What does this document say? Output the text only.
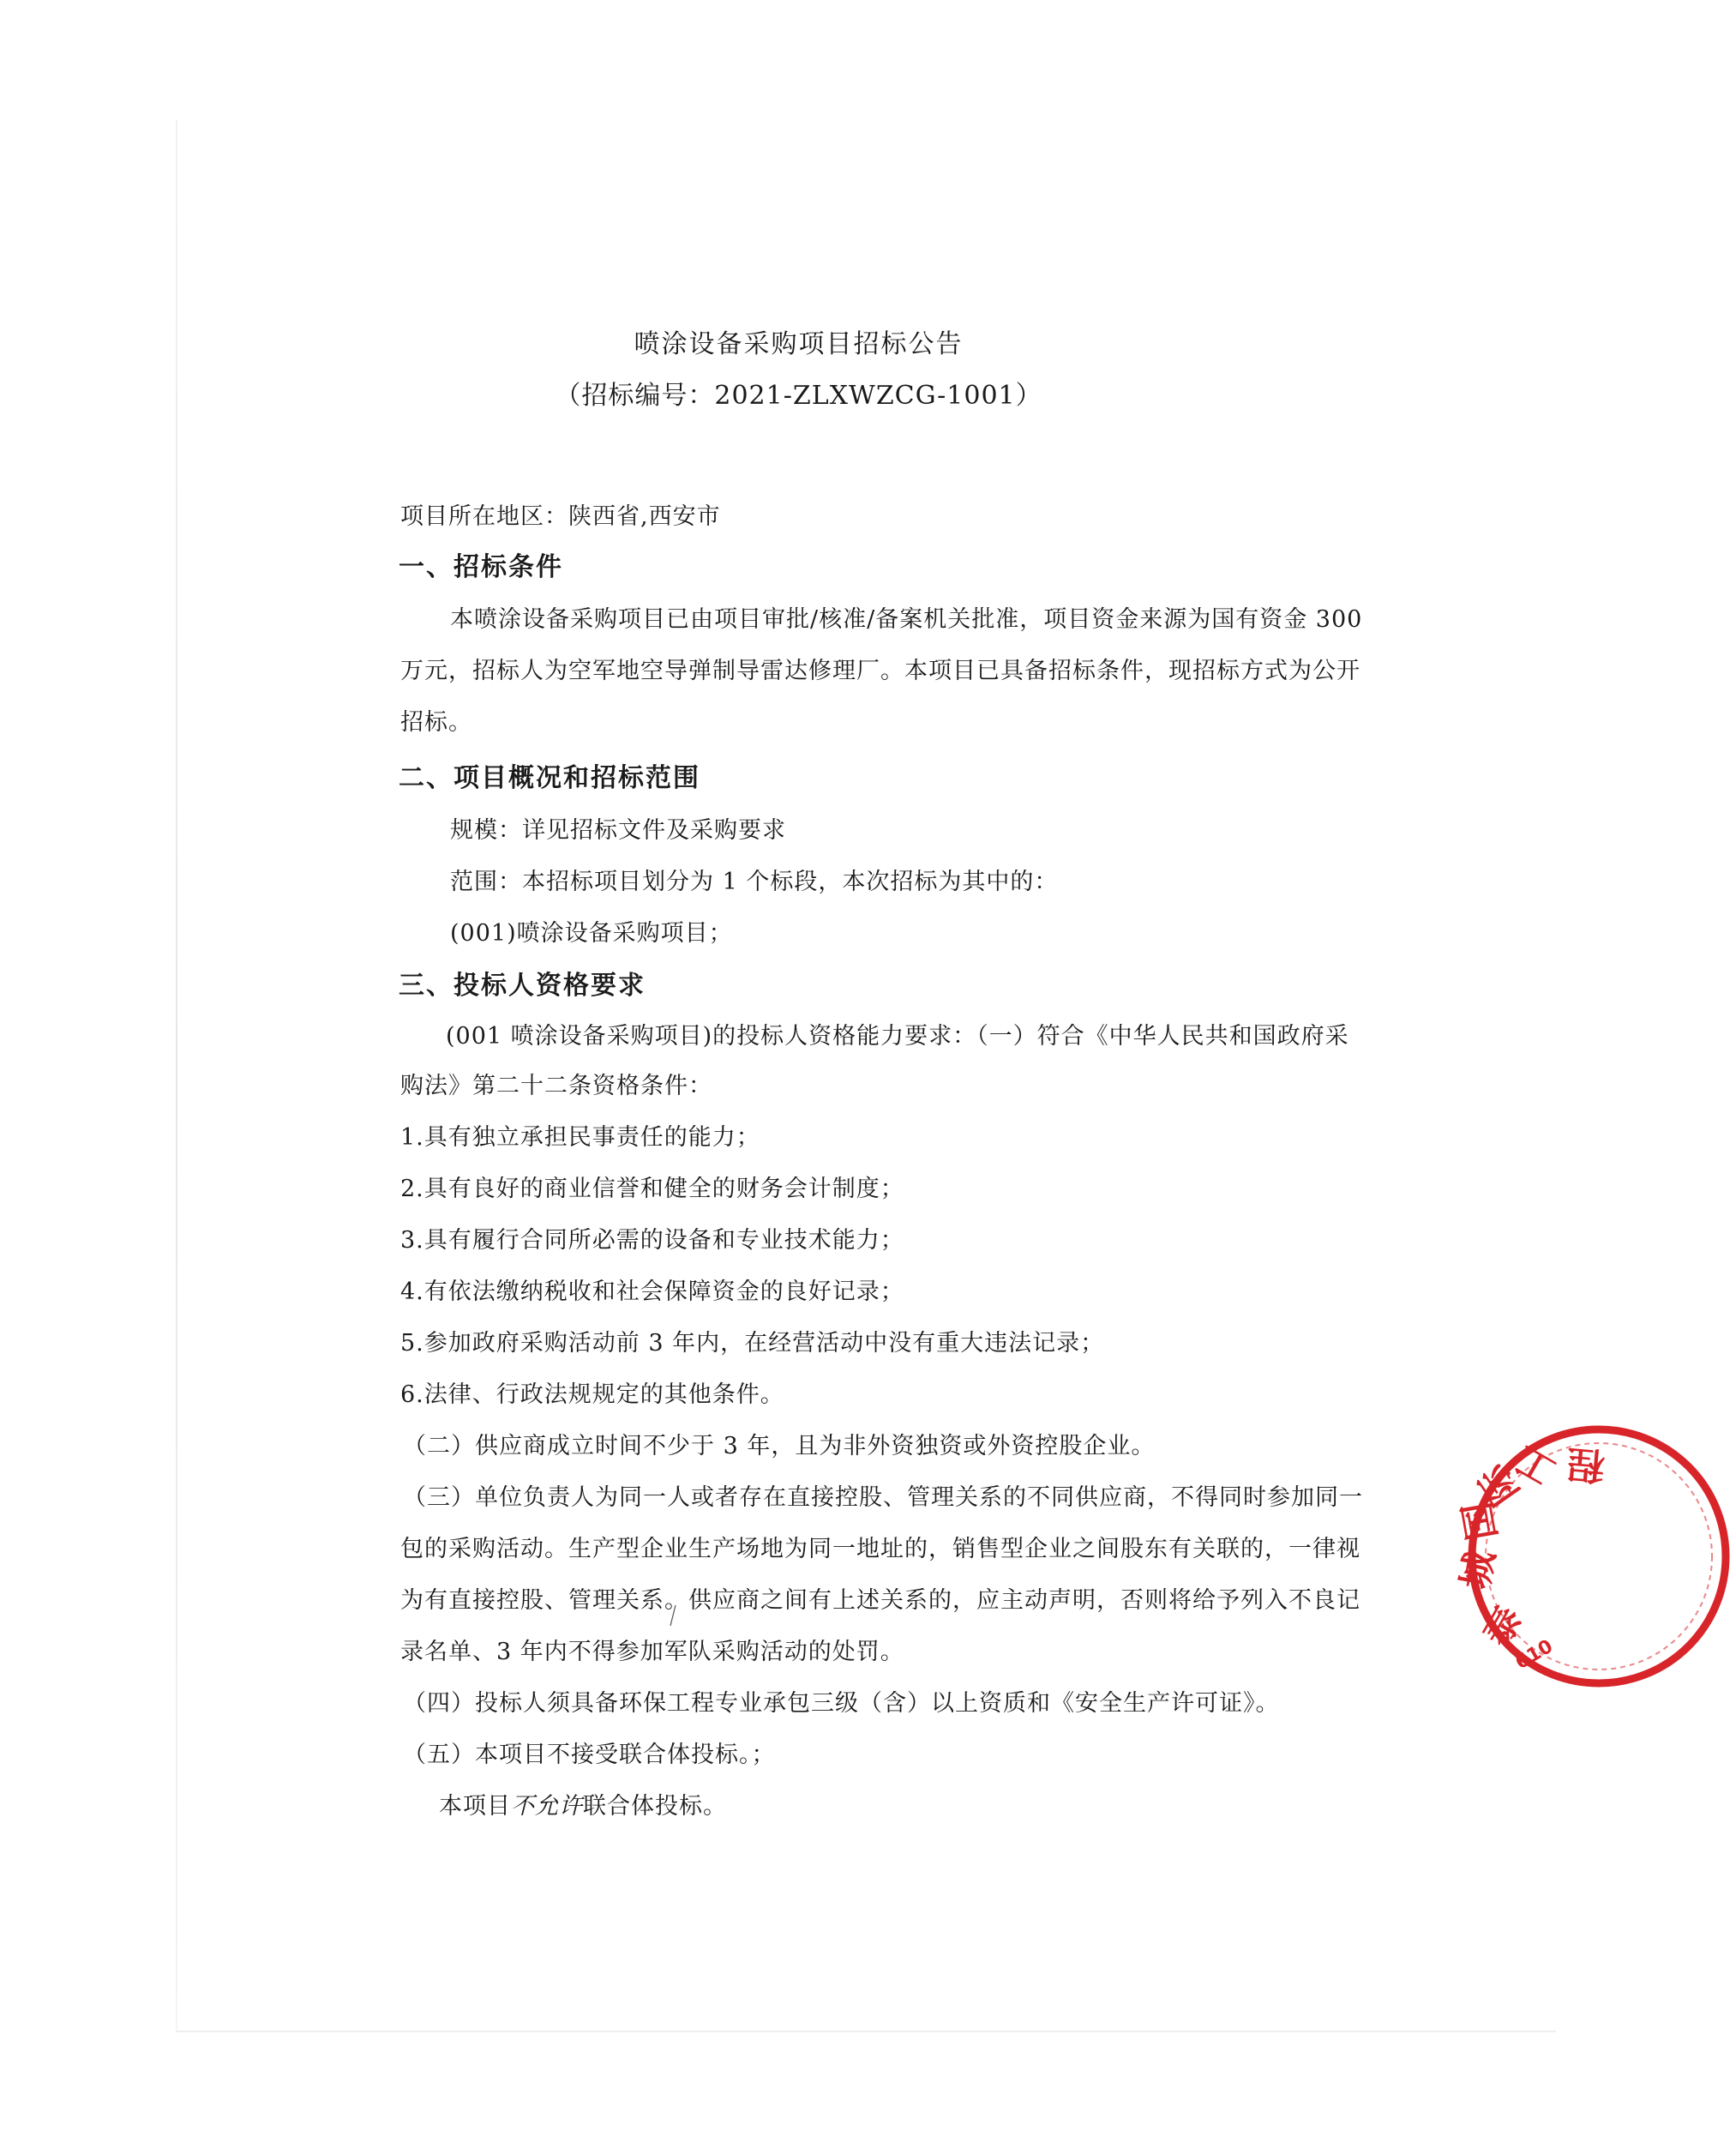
喷涂设备采购项目招标公告
（招标编号：2021-ZLXWZCG-1001）
项目所在地区：陕西省,西安市
一、招标条件
本喷涂设备采购项目已由项目审批/核准/备案机关批准，项目资金来源为国有资金 300
万元，招标人为空军地空导弹制导雷达修理厂。本项目已具备招标条件，现招标方式为公开
招标。
二、项目概况和招标范围
规模：详见招标文件及采购要求
范围：本招标项目划分为 1 个标段，本次招标为其中的：
(001)喷涂设备采购项目；
三、投标人资格要求
(001 喷涂设备采购项目)的投标人资格能力要求：（一）符合《中华人民共和国政府采
购法》第二十二条资格条件：
1.具有独立承担民事责任的能力；
2.具有良好的商业信誉和健全的财务会计制度；
3.具有履行合同所必需的设备和专业技术能力；
4.有依法缴纳税收和社会保障资金的良好记录；
5.参加政府采购活动前 3 年内，在经营活动中没有重大违法记录；
6.法律、行政法规规定的其他条件。
（二）供应商成立时间不少于 3 年，且为非外资独资或外资控股企业。
（三）单位负责人为同一人或者存在直接控股、管理关系的不同供应商，不得同时参加同一
包的采购活动。生产型企业生产场地为同一地址的，销售型企业之间股东有关联的，一律视
为有直接控股、管理关系。供应商之间有上述关系的，应主动声明，否则将给予列入不良记
录名单、3 年内不得参加军队采购活动的处罚。
（四）投标人须具备环保工程专业承包三级（含）以上资质和《安全生产许可证》。
（五）本项目不接受联合体投标。；
本项目不允许联合体投标。
泰
城
国
际
工 程
610
